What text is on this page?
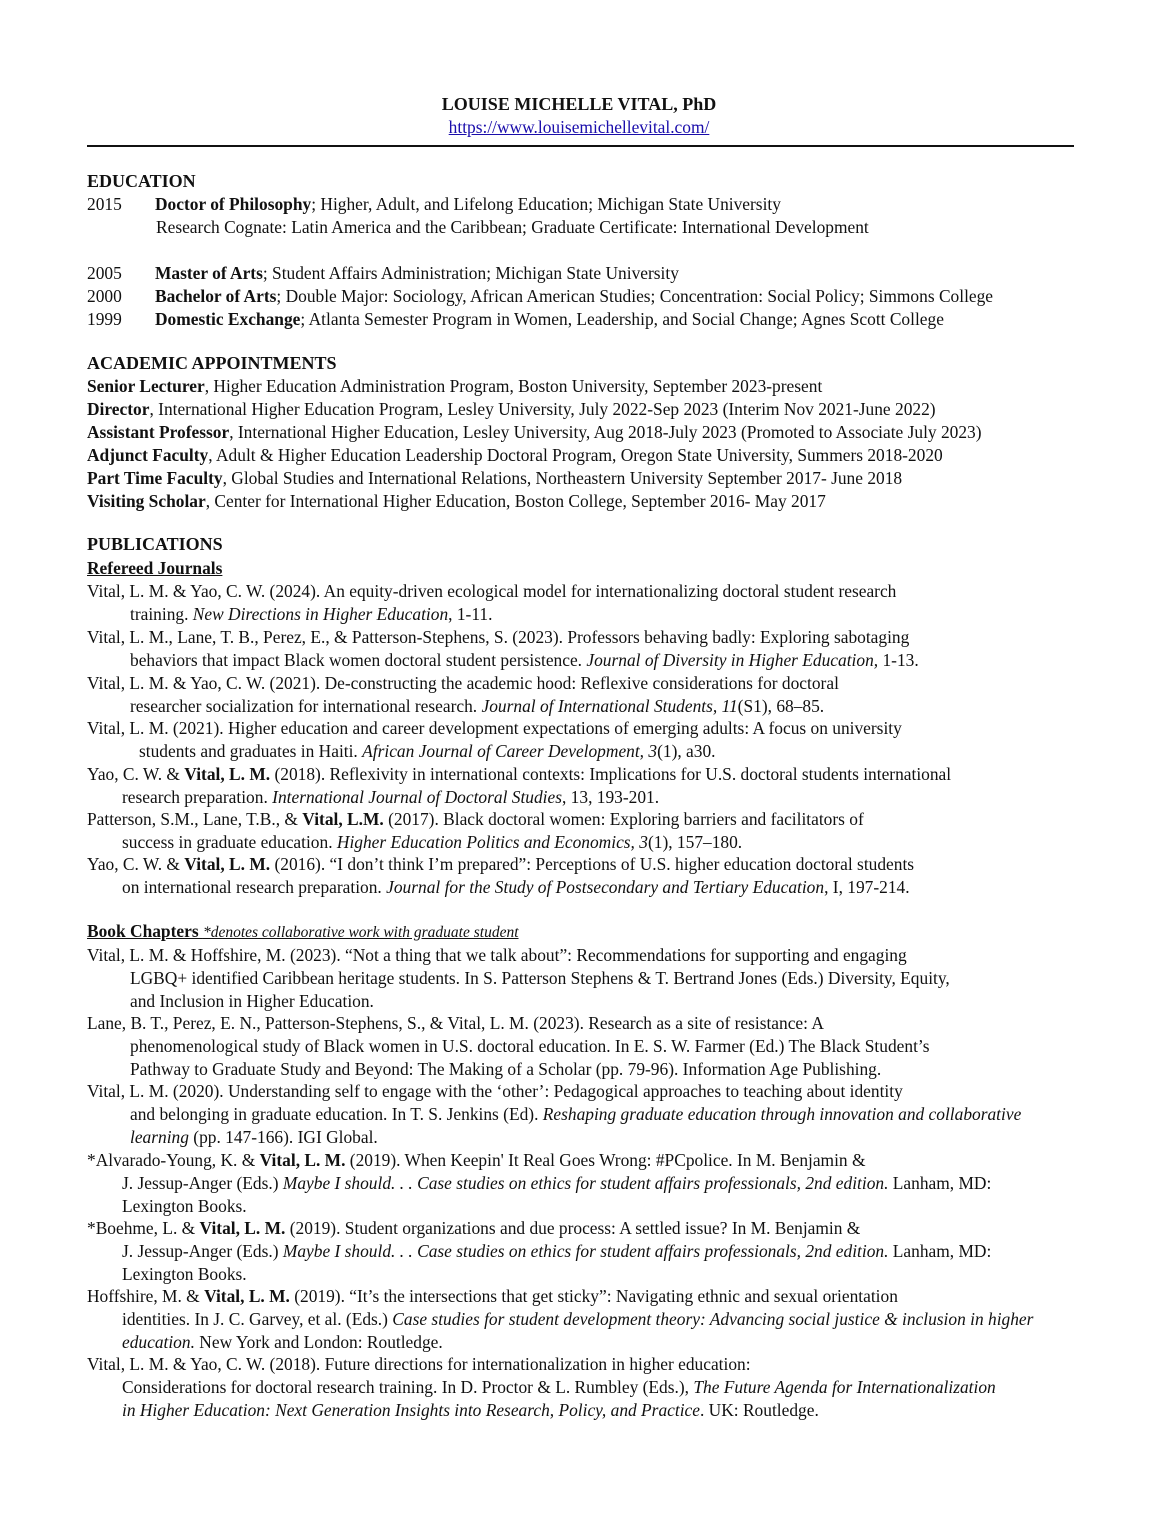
LOUISE MICHELLE VITAL, PhD
https://www.louisemichellevital.com/
EDUCATION
2015 Doctor of Philosophy; Higher, Adult, and Lifelong Education; Michigan State University
Research Cognate: Latin America and the Caribbean; Graduate Certificate: International Development
2005 Master of Arts; Student Affairs Administration; Michigan State University
2000 Bachelor of Arts; Double Major: Sociology, African American Studies; Concentration: Social Policy; Simmons College
1999 Domestic Exchange; Atlanta Semester Program in Women, Leadership, and Social Change; Agnes Scott College
ACADEMIC APPOINTMENTS
Senior Lecturer, Higher Education Administration Program, Boston University, September 2023-present
Director, International Higher Education Program, Lesley University, July 2022-Sep 2023 (Interim Nov 2021-June 2022)
Assistant Professor, International Higher Education, Lesley University, Aug 2018-July 2023 (Promoted to Associate July 2023)
Adjunct Faculty, Adult & Higher Education Leadership Doctoral Program, Oregon State University, Summers 2018-2020
Part Time Faculty, Global Studies and International Relations, Northeastern University September 2017- June 2018
Visiting Scholar, Center for International Higher Education, Boston College, September 2016- May 2017
PUBLICATIONS
Refereed Journals
Vital, L. M. & Yao, C. W. (2024). An equity-driven ecological model for internationalizing doctoral student research
training. New Directions in Higher Education, 1-11.
Vital, L. M., Lane, T. B., Perez, E., & Patterson-Stephens, S. (2023). Professors behaving badly: Exploring sabotaging
behaviors that impact Black women doctoral student persistence. Journal of Diversity in Higher Education, 1-13.
Vital, L. M. & Yao, C. W. (2021). De-constructing the academic hood: Reflexive considerations for doctoral
researcher socialization for international research. Journal of International Students, 11(S1), 68–85.
Vital, L. M. (2021). Higher education and career development expectations of emerging adults: A focus on university
students and graduates in Haiti. African Journal of Career Development, 3(1), a30.
Yao, C. W. & Vital, L. M. (2018). Reflexivity in international contexts: Implications for U.S. doctoral students international
research preparation. International Journal of Doctoral Studies, 13, 193-201.
Patterson, S.M., Lane, T.B., & Vital, L.M. (2017). Black doctoral women: Exploring barriers and facilitators of
success in graduate education. Higher Education Politics and Economics, 3(1), 157–180.
Yao, C. W. & Vital, L. M. (2016). “I don’t think I’m prepared”: Perceptions of U.S. higher education doctoral students
on international research preparation. Journal for the Study of Postsecondary and Tertiary Education, I, 197-214.
Book Chapters *denotes collaborative work with graduate student
Vital, L. M. & Hoffshire, M. (2023). “Not a thing that we talk about”: Recommendations for supporting and engaging
LGBQ+ identified Caribbean heritage students. In S. Patterson Stephens & T. Bertrand Jones (Eds.) Diversity, Equity,
and Inclusion in Higher Education.
Lane, B. T., Perez, E. N., Patterson-Stephens, S., & Vital, L. M. (2023). Research as a site of resistance: A
phenomenological study of Black women in U.S. doctoral education. In E. S. W. Farmer (Ed.) The Black Student’s
Pathway to Graduate Study and Beyond: The Making of a Scholar (pp. 79-96). Information Age Publishing.
Vital, L. M. (2020). Understanding self to engage with the ‘other’: Pedagogical approaches to teaching about identity
and belonging in graduate education. In T. S. Jenkins (Ed). Reshaping graduate education through innovation and collaborative
learning (pp. 147-166). IGI Global.
*Alvarado-Young, K. & Vital, L. M. (2019). When Keepin' It Real Goes Wrong: #PCpolice. In M. Benjamin &
J. Jessup-Anger (Eds.) Maybe I should. . . Case studies on ethics for student affairs professionals, 2nd edition. Lanham, MD:
Lexington Books.
*Boehme, L. & Vital, L. M. (2019). Student organizations and due process: A settled issue? In M. Benjamin &
J. Jessup-Anger (Eds.) Maybe I should. . . Case studies on ethics for student affairs professionals, 2nd edition. Lanham, MD:
Lexington Books.
Hoffshire, M. & Vital, L. M. (2019). “It’s the intersections that get sticky”: Navigating ethnic and sexual orientation
identities. In J. C. Garvey, et al. (Eds.) Case studies for student development theory: Advancing social justice & inclusion in higher
education. New York and London: Routledge.
Vital, L. M. & Yao, C. W. (2018). Future directions for internationalization in higher education:
Considerations for doctoral research training. In D. Proctor & L. Rumbley (Eds.), The Future Agenda for Internationalization
in Higher Education: Next Generation Insights into Research, Policy, and Practice. UK: Routledge.
